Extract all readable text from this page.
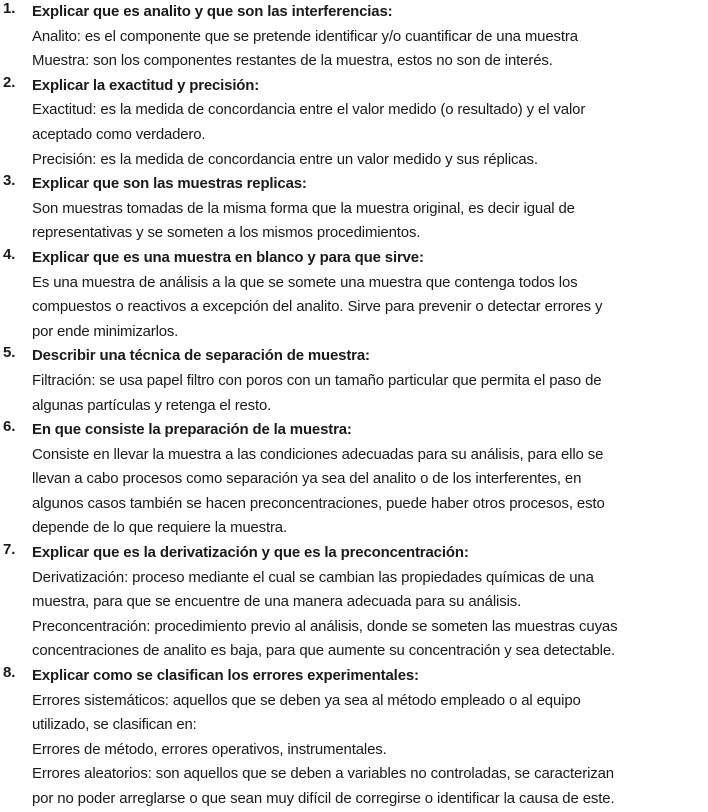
1.	Explicar que es analito y que son las interferencias:
Analito: es el componente que se pretende identificar y/o cuantificar de una muestra
Muestra: son los componentes restantes de la muestra, estos no son de interés.
2.	Explicar la exactitud y precisión:
Exactitud: es la medida de concordancia entre el valor medido (o resultado) y el valor
aceptado como verdadero.
Precisión: es la medida de concordancia entre un valor medido y sus réplicas.
3.	Explicar que son las muestras replicas:
Son muestras tomadas de la misma forma que la muestra original, es decir igual de
representativas y se someten a los mismos procedimientos.
4.	Explicar que es una muestra en blanco y para que sirve:
Es una muestra de análisis a la que se somete una muestra que contenga todos los
compuestos o reactivos a excepción del analito. Sirve para prevenir o detectar errores y
por ende minimizarlos.
5.	Describir una técnica de separación de muestra:
Filtración: se usa papel filtro con poros con un tamaño particular que permita el paso de
algunas partículas y retenga el resto.
6.	En que consiste la preparación de la muestra:
Consiste en llevar la muestra a las condiciones adecuadas para su análisis, para ello se
llevan a cabo procesos como separación ya sea del analito o de los interferentes, en
algunos casos también se hacen preconcentraciones, puede haber otros procesos, esto
depende de lo que requiere la muestra.
7.	Explicar que es la derivatización y que es la preconcentración:
Derivatización: proceso mediante el cual se cambian las propiedades químicas de una
muestra, para que se encuentre de una manera adecuada para su análisis.
Preconcentración: procedimiento previo al análisis, donde se someten las muestras cuyas
concentraciones de analito es baja, para que aumente su concentración y sea detectable.
8.	Explicar como se clasifican los errores experimentales:
Errores sistemáticos: aquellos que se deben ya sea al método empleado o al equipo
utilizado, se clasifican en:
Errores de método, errores operativos, instrumentales.
Errores aleatorios: son aquellos que se deben a variables no controladas, se caracterizan
por no poder arreglarse o que sean muy difícil de corregirse o identificar la causa de este.
